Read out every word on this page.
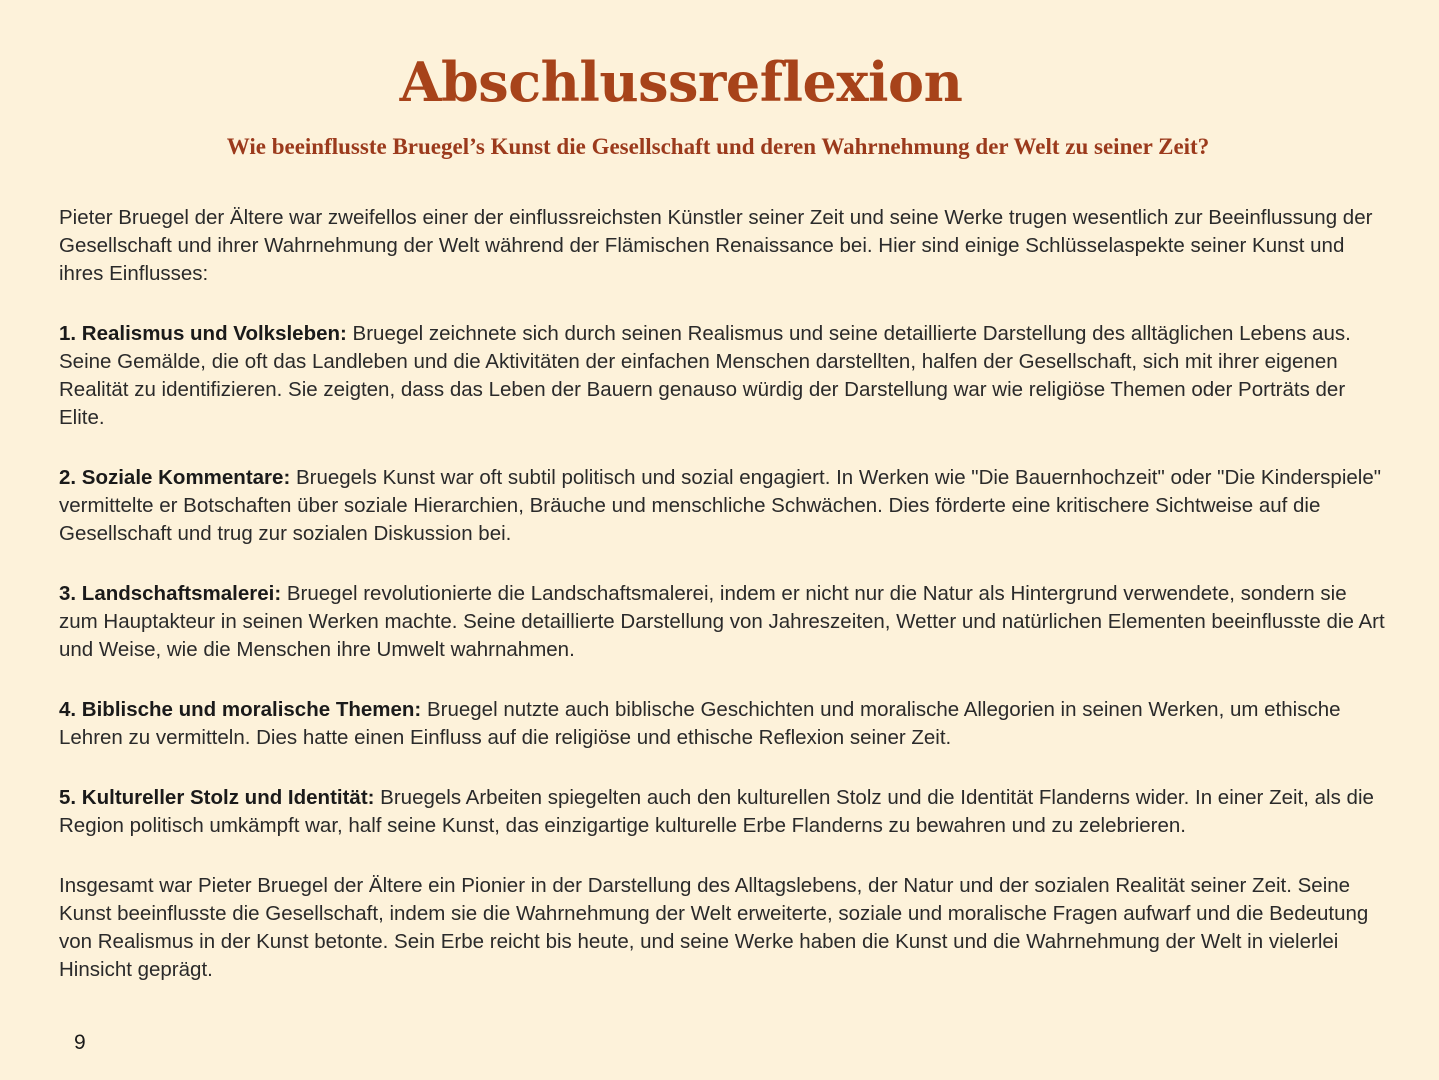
Abschlussreflexion
Wie beeinflusste Bruegel’s Kunst die Gesellschaft und deren Wahrnehmung der Welt zu seiner Zeit?

Pieter Bruegel der Ältere war zweifellos einer der einflussreichsten Künstler seiner Zeit und seine Werke trugen wesentlich zur Beeinflussung der Gesellschaft und ihrer Wahrnehmung der Welt während der Flämischen Renaissance bei. Hier sind einige Schlüsselaspekte seiner Kunst und ihres Einflusses:

1. Realismus und Volksleben: Bruegel zeichnete sich durch seinen Realismus und seine detaillierte Darstellung des alltäglichen Lebens aus. Seine Gemälde, die oft das Landleben und die Aktivitäten der einfachen Menschen darstellten, halfen der Gesellschaft, sich mit ihrer eigenen Realität zu identifizieren. Sie zeigten, dass das Leben der Bauern genauso würdig der Darstellung war wie religiöse Themen oder Porträts der Elite.

2. Soziale Kommentare: Bruegels Kunst war oft subtil politisch und sozial engagiert. In Werken wie "Die Bauernhochzeit" oder "Die Kinderspiele" vermittelte er Botschaften über soziale Hierarchien, Bräuche und menschliche Schwächen. Dies förderte eine kritischere Sichtweise auf die Gesellschaft und trug zur sozialen Diskussion bei.

3. Landschaftsmalerei: Bruegel revolutionierte die Landschaftsmalerei, indem er nicht nur die Natur als Hintergrund verwendete, sondern sie zum Hauptakteur in seinen Werken machte. Seine detaillierte Darstellung von Jahreszeiten, Wetter und natürlichen Elementen beeinflusste die Art und Weise, wie die Menschen ihre Umwelt wahrnahmen.

4. Biblische und moralische Themen: Bruegel nutzte auch biblische Geschichten und moralische Allegorien in seinen Werken, um ethische Lehren zu vermitteln. Dies hatte einen Einfluss auf die religiöse und ethische Reflexion seiner Zeit.

5. Kultureller Stolz und Identität: Bruegels Arbeiten spiegelten auch den kulturellen Stolz und die Identität Flanderns wider. In einer Zeit, als die Region politisch umkämpft war, half seine Kunst, das einzigartige kulturelle Erbe Flanderns zu bewahren und zu zelebrieren.

Insgesamt war Pieter Bruegel der Ältere ein Pionier in der Darstellung des Alltagslebens, der Natur und der sozialen Realität seiner Zeit. Seine Kunst beeinflusste die Gesellschaft, indem sie die Wahrnehmung der Welt erweiterte, soziale und moralische Fragen aufwarf und die Bedeutung von Realismus in der Kunst betonte. Sein Erbe reicht bis heute, und seine Werke haben die Kunst und die Wahrnehmung der Welt in vielerlei Hinsicht geprägt.

9
